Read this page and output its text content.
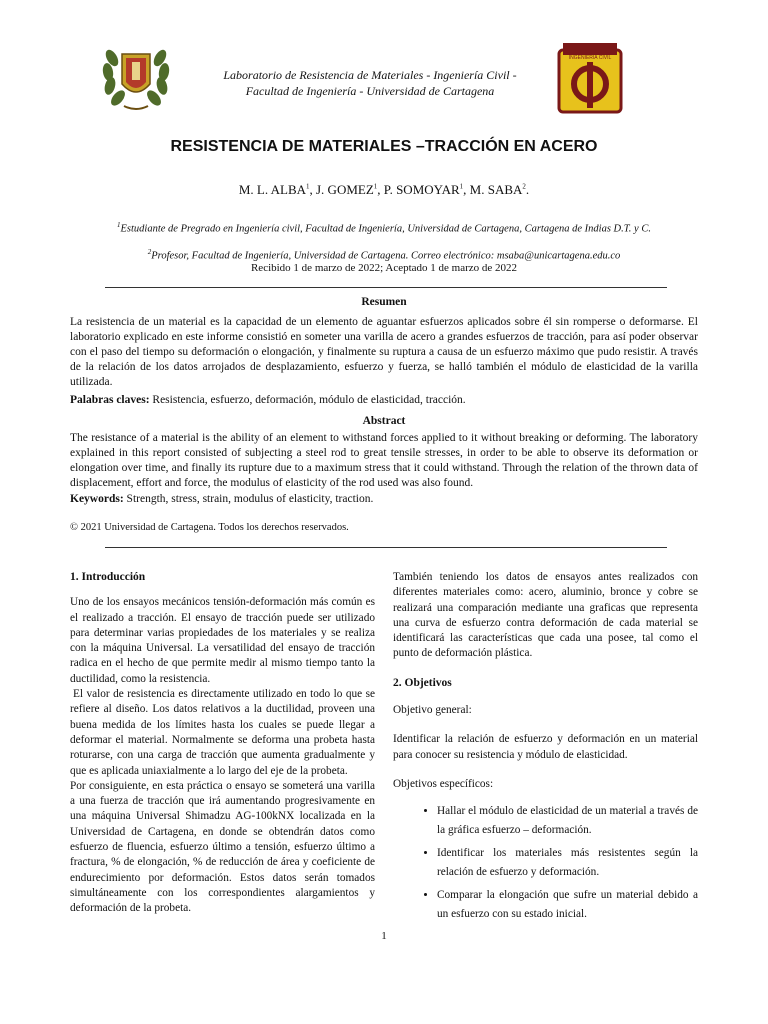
Laboratorio de Resistencia de Materiales - Ingeniería Civil -
Facultad de Ingeniería - Universidad de Cartagena
INGENIERIA CIVIL
RESISTENCIA DE MATERIALES –TRACCIÓN EN ACERO
M. L. ALBA$^1$, J. GOMEZ$^1$, P. SOMOYAR$^1$, M. SABA$^2$.
$^1$Estudiante de Pregrado en Ingeniería civil, Facultad de Ingeniería, Universidad de Cartagena, Cartagena de Indias D.T. y C.
$^2$Profesor, Facultad de Ingeniería, Universidad de Cartagena. Correo electrónico: msaba@unicartagena.edu.co
Recibido 1 de marzo de 2022; Aceptado 1 de marzo de 2022
Resumen
La resistencia de un material es la capacidad de un elemento de aguantar esfuerzos aplicados sobre él sin romperse o deformarse. El laboratorio explicado en este informe consistió en someter una varilla de acero a grandes esfuerzos de tracción, para así poder observar con el paso del tiempo su deformación o elongación, y finalmente su ruptura a causa de un esfuerzo máximo que pudo resistir. A través de la relación de los datos arrojados de desplazamiento, esfuerzo y fuerza, se halló también el módulo de elasticidad de la varilla utilizada.
Palabras claves: Resistencia, esfuerzo, deformación, módulo de elasticidad, tracción.
Abstract
The resistance of a material is the ability of an element to withstand forces applied to it without breaking or deforming. The laboratory explained in this report consisted of subjecting a steel rod to great tensile stresses, in order to be able to observe its deformation or elongation over time, and finally its rupture due to a maximum stress that it could withstand. Through the relation of the thrown data of displacement, effort and force, the modulus of elasticity of the rod used was also found.
Keywords: Strength, stress, strain, modulus of elasticity, traction.
© 2021 Universidad de Cartagena. Todos los derechos reservados.
1. Introducción
Uno de los ensayos mecánicos tensión-deformación más común es el realizado a tracción. El ensayo de tracción puede ser utilizado para determinar varias propiedades de los materiales y se realiza con la máquina Universal. La versatilidad del ensayo de tracción radica en el hecho de que permite medir al mismo tiempo tanto la ductilidad, como la resistencia.
El valor de resistencia es directamente utilizado en todo lo que se refiere al diseño. Los datos relativos a la ductilidad, proveen una buena medida de los límites hasta los cuales se puede llegar a deformar el material. Normalmente se deforma una probeta hasta roturarse, con una carga de tracción que aumenta gradualmente y que es aplicada uniaxialmente a lo largo del eje de la probeta.
Por consiguiente, en esta práctica o ensayo se someterá una varilla a una fuerza de tracción que irá aumentando progresivamente en una máquina Universal Shimadzu AG-100kNX localizada en la Universidad de Cartagena, en donde se obtendrán datos como esfuerzo de fluencia, esfuerzo último a tensión, esfuerzo último a fractura, % de elongación, % de reducción de área y coeficiente de endurecimiento por deformación. Estos datos serán tomados simultáneamente con los correspondientes alargamientos y deformación de la probeta.
También teniendo los datos de ensayos antes realizados con diferentes materiales como: acero, aluminio, bronce y cobre se realizará una comparación mediante una graficas que representa una curva de esfuerzo contra deformación de cada material se identificará las características que cada una posee, tal como el punto de deformación plástica.
2. Objetivos
Objetivo general:
Identificar la relación de esfuerzo y deformación en un material para conocer su resistencia y módulo de elasticidad.
Objetivos específicos:
• Hallar el módulo de elasticidad de un material a través de la gráfica esfuerzo – deformación.
• Identificar los materiales más resistentes según la relación de esfuerzo y deformación.
• Comparar la elongación que sufre un material debido a un esfuerzo con su estado inicial.
1
